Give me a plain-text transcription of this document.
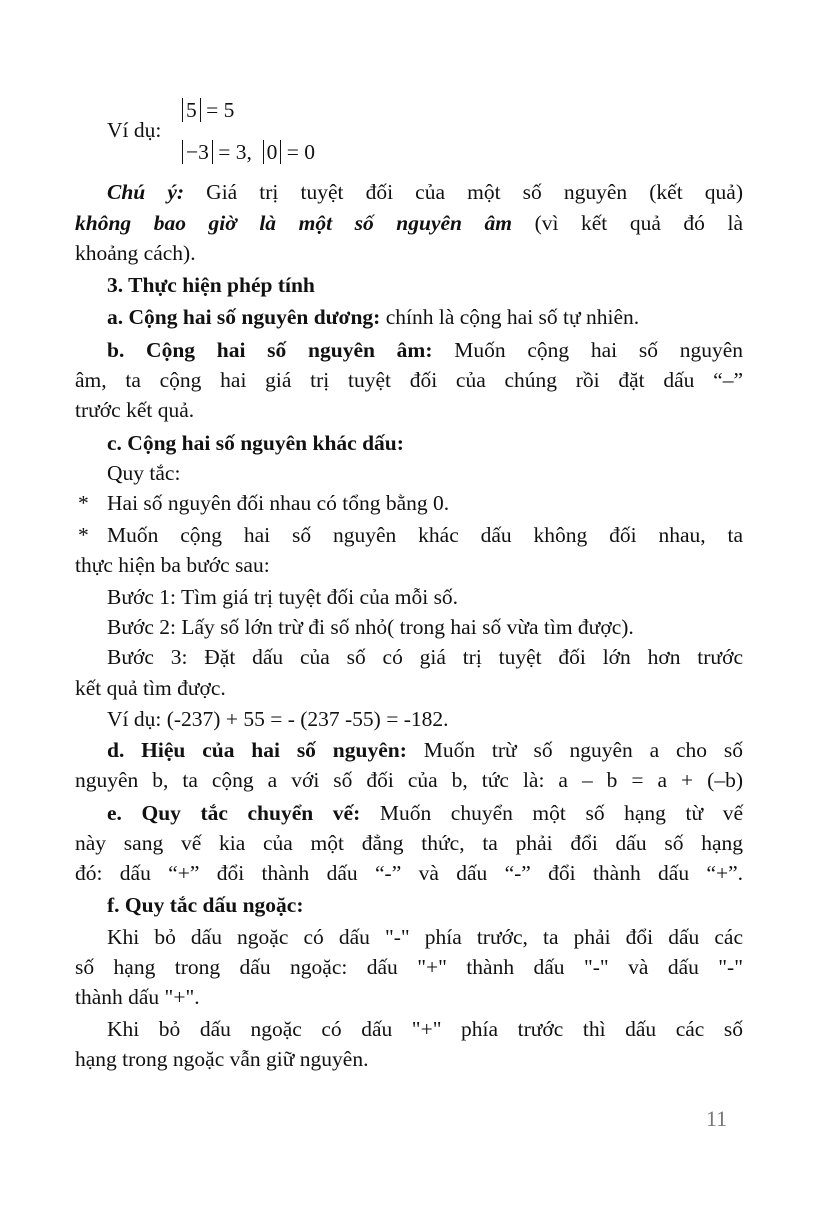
Ví dụ:
5 = 5
−3 = 3, 0 = 0
Chú ý: Giá trị tuyệt đối của một số nguyên (kết quả)
không bao giờ là một số nguyên âm (vì kết quả đó là
khoảng cách).
3. Thực hiện phép tính
a. Cộng hai số nguyên dương: chính là cộng hai số tự nhiên.
b. Cộng hai số nguyên âm: Muốn cộng hai số nguyên
âm, ta cộng hai giá trị tuyệt đối của chúng rồi đặt dấu “–”
trước kết quả.
c. Cộng hai số nguyên khác dấu:
Quy tắc:
* Hai số nguyên đối nhau có tổng bằng 0.
* Muốn cộng hai số nguyên khác dấu không đối nhau, ta
thực hiện ba bước sau:
Bước 1: Tìm giá trị tuyệt đối của mỗi số.
Bước 2: Lấy số lớn trừ đi số nhỏ( trong hai số vừa tìm được).
Bước 3: Đặt dấu của số có giá trị tuyệt đối lớn hơn trước
kết quả tìm được.
Ví dụ: (-237) + 55 = - (237 -55) = -182.
d. Hiệu của hai số nguyên: Muốn trừ số nguyên a cho số
nguyên b, ta cộng a với số đối của b, tức là: a – b = a + (–b)
e. Quy tắc chuyển vế: Muốn chuyển một số hạng từ vế
này sang vế kia của một đẳng thức, ta phải đổi dấu số hạng
đó: dấu “+” đổi thành dấu “-” và dấu “-” đổi thành dấu “+”.
f. Quy tắc dấu ngoặc:
Khi bỏ dấu ngoặc có dấu "-" phía trước, ta phải đổi dấu các
số hạng trong dấu ngoặc: dấu "+" thành dấu "-" và dấu "-"
thành dấu "+".
Khi bỏ dấu ngoặc có dấu "+" phía trước thì dấu các số
hạng trong ngoặc vẫn giữ nguyên.
11
